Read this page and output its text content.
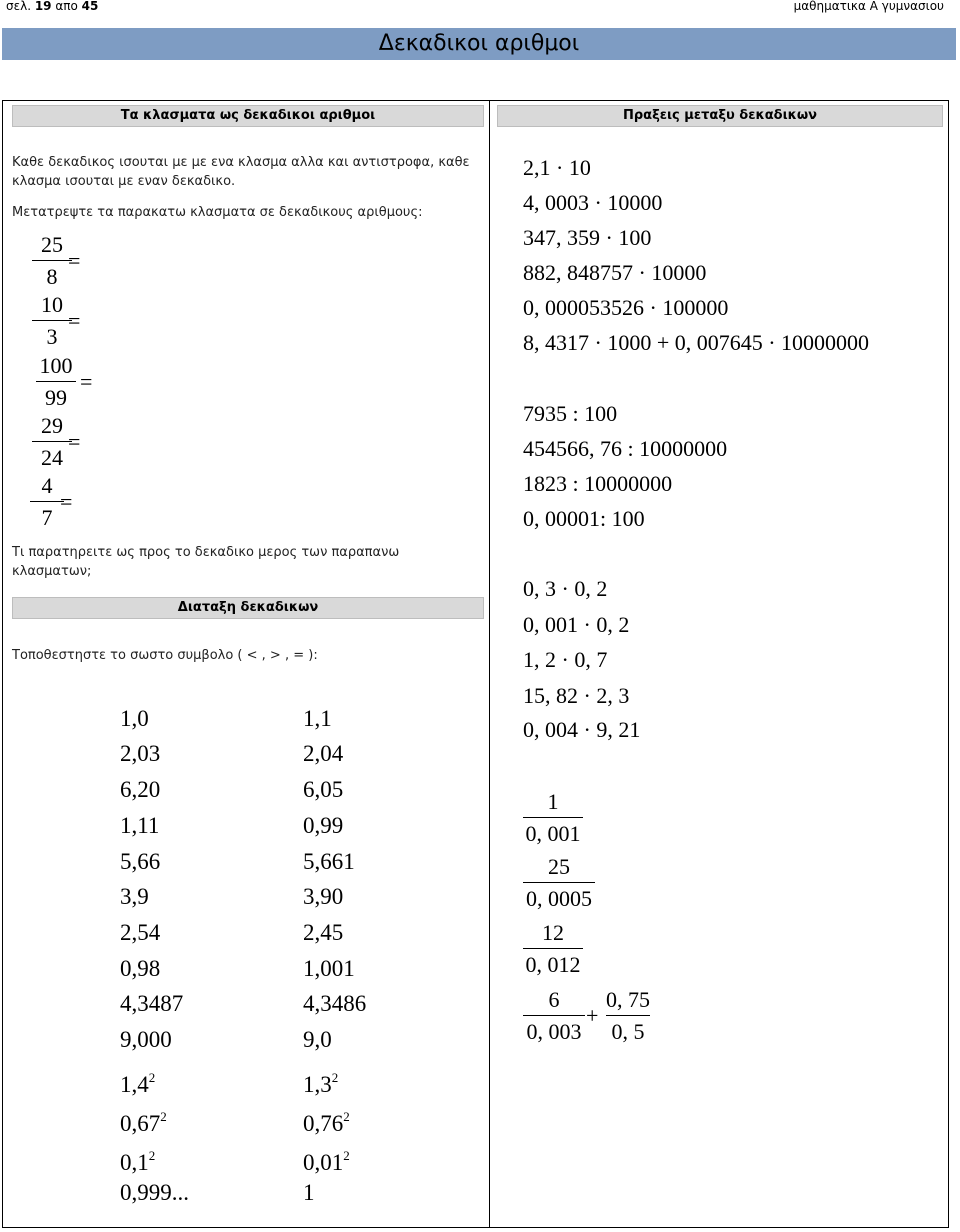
σελ. 19 απο 45	μαθηματικα Α γυμνασιου
Δεκαδικοι αριθμοι
Τα κλασματα ως δεκαδικοι αριθμοι
Καθε δεκαδικος ισουται με με ενα κλασμα αλλα και αντιστροφα, καθε κλασμα ισουται με εναν δεκαδικο.
Μετατρεψτε τα παρακατω κλασματα σε δεκαδικους αριθμους:
25
8
=
10
3
=
100
99
=
29
24
=
4
7
=
Τι παρατηρειτε ως προς το δεκαδικο μερος των παραπανω κλασματων;
Διαταξη δεκαδικων
Τοποθεστηστε το σωστο συμβολο ( < , > , = ):
1,0	1,1
2,03	2,04
6,20	6,05
1,11	0,99
5,66	5,661
3,9	3,90
2,54	2,45
0,98	1,001
4,3487	4,3486
9,000	9,0
$1,4^2$	$1,3^2$
0,67$^2$	0,76$^2$
$0,1^2$	0,01$^2$
0,999...	1
Πραξεις μεταξυ δεκαδικων
2,1 · 10
4, 0003 · 10000
347, 359 · 100
882, 848757 · 10000
0, 000053526 · 100000
8, 4317 · 1000 + 0, 007645 · 10000000
7935 : 100
454566, 76 : 10000000
1823 : 10000000
0, 00001: 100
0, 3 · 0, 2
0, 001 · 0, 2
1, 2 · 0, 7
15, 82 · 2, 3
0, 004 · 9, 21
1
0, 001
25
0, 0005
12
0, 012
6
0, 003
+
0, 75
0, 5
